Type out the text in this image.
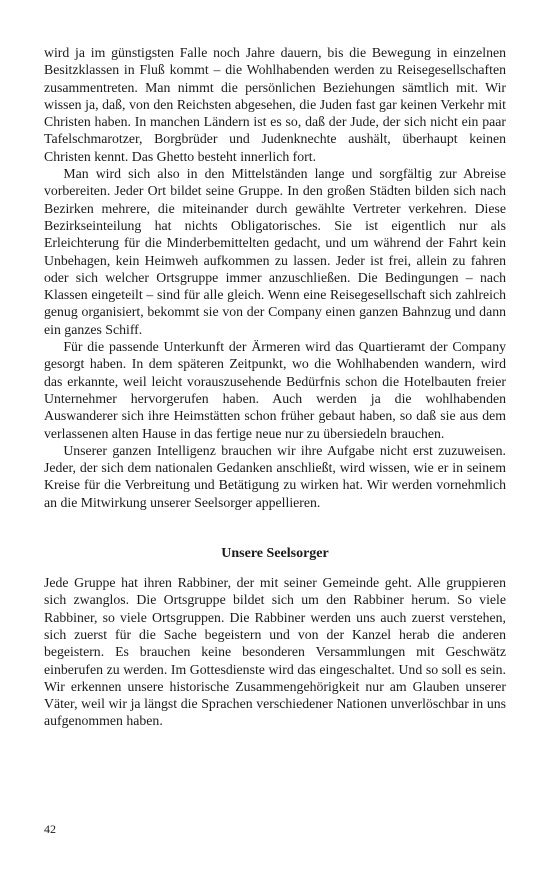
wird ja im günstigsten Falle noch Jahre dauern, bis die Bewegung in einzelnen Besitzklassen in Fluß kommt – die Wohlhabenden werden zu Reisegesellschaften zusammentreten. Man nimmt die persönlichen Beziehungen sämtlich mit. Wir wissen ja, daß, von den Reichsten abgesehen, die Juden fast gar keinen Verkehr mit Christen haben. In manchen Ländern ist es so, daß der Jude, der sich nicht ein paar Tafelschmarotzer, Borgbrüder und Judenknechte aushält, überhaupt keinen Christen kennt. Das Ghetto besteht innerlich fort.

Man wird sich also in den Mittelständen lange und sorgfältig zur Abreise vorbereiten. Jeder Ort bildet seine Gruppe. In den großen Städten bilden sich nach Bezirken mehrere, die miteinander durch gewählte Vertreter verkehren. Diese Bezirkseinteilung hat nichts Obligatorisches. Sie ist eigentlich nur als Erleichterung für die Minderbemittelten gedacht, und um während der Fahrt kein Unbehagen, kein Heimweh aufkommen zu lassen. Jeder ist frei, allein zu fahren oder sich welcher Ortsgruppe immer anzuschließen. Die Bedingungen – nach Klassen eingeteilt – sind für alle gleich. Wenn eine Reisegesellschaft sich zahlreich genug organisiert, bekommt sie von der Company einen ganzen Bahnzug und dann ein ganzes Schiff.

Für die passende Unterkunft der Ärmeren wird das Quartieramt der Company gesorgt haben. In dem späteren Zeitpunkt, wo die Wohlhabenden wandern, wird das erkannte, weil leicht vorauszusehende Bedürfnis schon die Hotelbauten freier Unternehmer hervorgerufen haben. Auch werden ja die wohlhabenden Auswanderer sich ihre Heimstätten schon früher gebaut haben, so daß sie aus dem verlassenen alten Hause in das fertige neue nur zu übersiedeln brauchen.

Unserer ganzen Intelligenz brauchen wir ihre Aufgabe nicht erst zuzuweisen. Jeder, der sich dem nationalen Gedanken anschließt, wird wissen, wie er in seinem Kreise für die Verbreitung und Betätigung zu wirken hat. Wir werden vornehmlich an die Mitwirkung unserer Seelsorger appellieren.

Unsere Seelsorger

Jede Gruppe hat ihren Rabbiner, der mit seiner Gemeinde geht. Alle gruppieren sich zwanglos. Die Ortsgruppe bildet sich um den Rabbiner herum. So viele Rabbiner, so viele Ortsgruppen. Die Rabbiner werden uns auch zuerst verstehen, sich zuerst für die Sache begeistern und von der Kanzel herab die anderen begeistern. Es brauchen keine besonderen Versammlungen mit Geschwätz einberufen zu werden. Im Gottesdienste wird das eingeschaltet. Und so soll es sein. Wir erkennen unsere historische Zusammengehörigkeit nur am Glauben unserer Väter, weil wir ja längst die Sprachen verschiedener Nationen unverlöschbar in uns aufgenommen haben.

42
